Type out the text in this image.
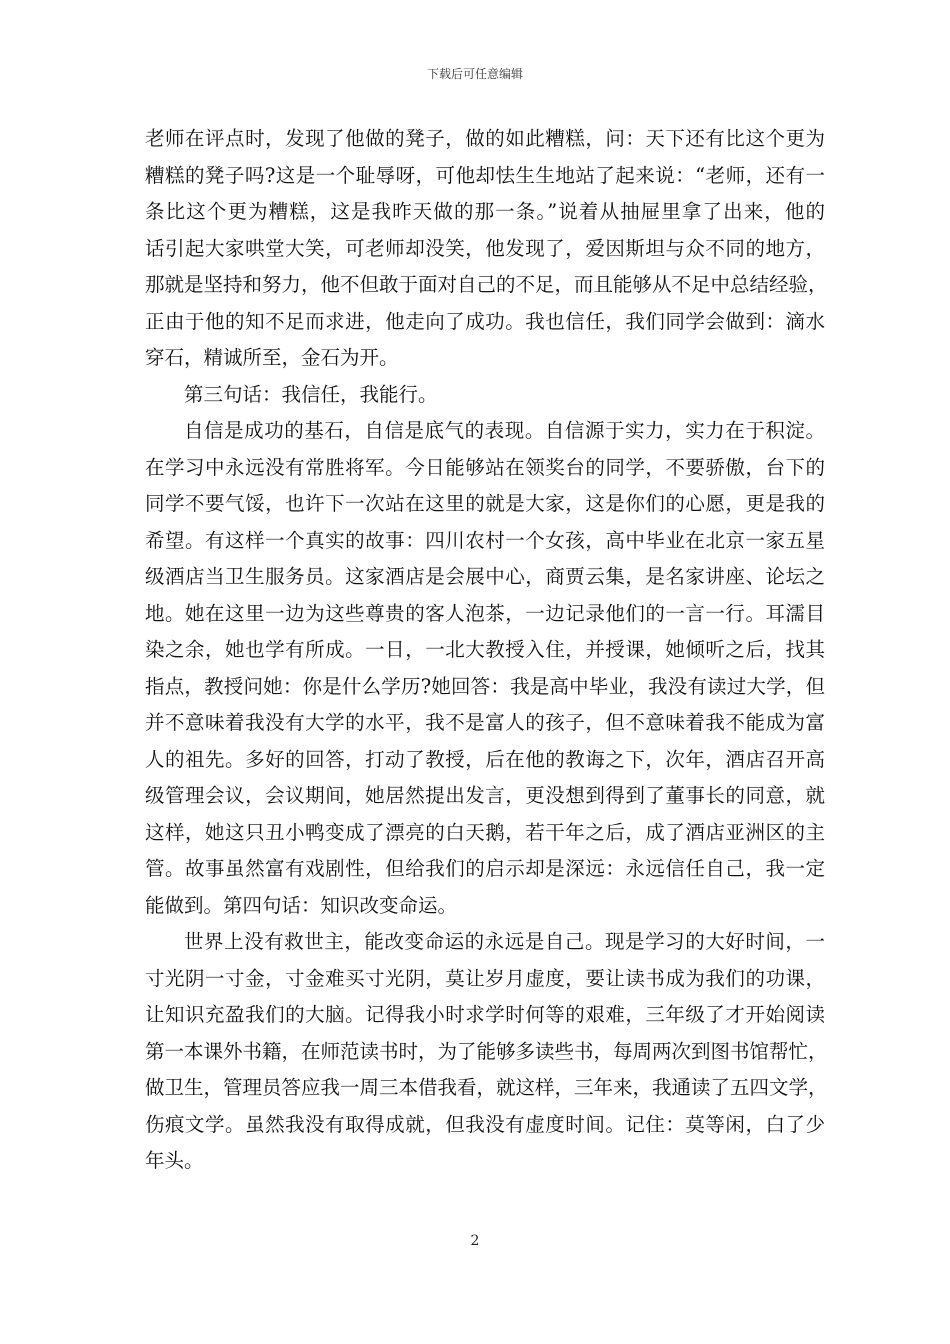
下载后可任意编辑
老师在评点时，发现了他做的凳子，做的如此糟糕，问：天下还有比这个更为
糟糕的凳子吗?这是一个耻辱呀，可他却怯生生地站了起来说：“老师，还有一
条比这个更为糟糕，这是我昨天做的那一条。”说着从抽屉里拿了出来，他的
话引起大家哄堂大笑，可老师却没笑，他发现了，爱因斯坦与众不同的地方，
那就是坚持和努力，他不但敢于面对自己的不足，而且能够从不足中总结经验，
正由于他的知不足而求进，他走向了成功。我也信任，我们同学会做到：滴水
穿石，精诚所至，金石为开。
第三句话：我信任，我能行。
自信是成功的基石，自信是底气的表现。自信源于实力，实力在于积淀。
在学习中永远没有常胜将军。今日能够站在领奖台的同学，不要骄傲，台下的
同学不要气馁，也许下一次站在这里的就是大家，这是你们的心愿，更是我的
希望。有这样一个真实的故事：四川农村一个女孩，高中毕业在北京一家五星
级酒店当卫生服务员。这家酒店是会展中心，商贾云集，是名家讲座、论坛之
地。她在这里一边为这些尊贵的客人泡茶，一边记录他们的一言一行。耳濡目
染之余，她也学有所成。一日，一北大教授入住，并授课，她倾听之后，找其
指点，教授问她：你是什么学历?她回答：我是高中毕业，我没有读过大学，但
并不意味着我没有大学的水平，我不是富人的孩子，但不意味着我不能成为富
人的祖先。多好的回答，打动了教授，后在他的教诲之下，次年，酒店召开高
级管理会议，会议期间，她居然提出发言，更没想到得到了董事长的同意，就
这样，她这只丑小鸭变成了漂亮的白天鹅，若干年之后，成了酒店亚洲区的主
管。故事虽然富有戏剧性，但给我们的启示却是深远：永远信任自己，我一定
能做到。第四句话：知识改变命运。
世界上没有救世主，能改变命运的永远是自己。现是学习的大好时间，一
寸光阴一寸金，寸金难买寸光阴，莫让岁月虚度，要让读书成为我们的功课，
让知识充盈我们的大脑。记得我小时求学时何等的艰难，三年级了才开始阅读
第一本课外书籍，在师范读书时，为了能够多读些书，每周两次到图书馆帮忙，
做卫生，管理员答应我一周三本借我看，就这样，三年来，我通读了五四文学，
伤痕文学。虽然我没有取得成就，但我没有虚度时间。记住：莫等闲，白了少
年头。
2
